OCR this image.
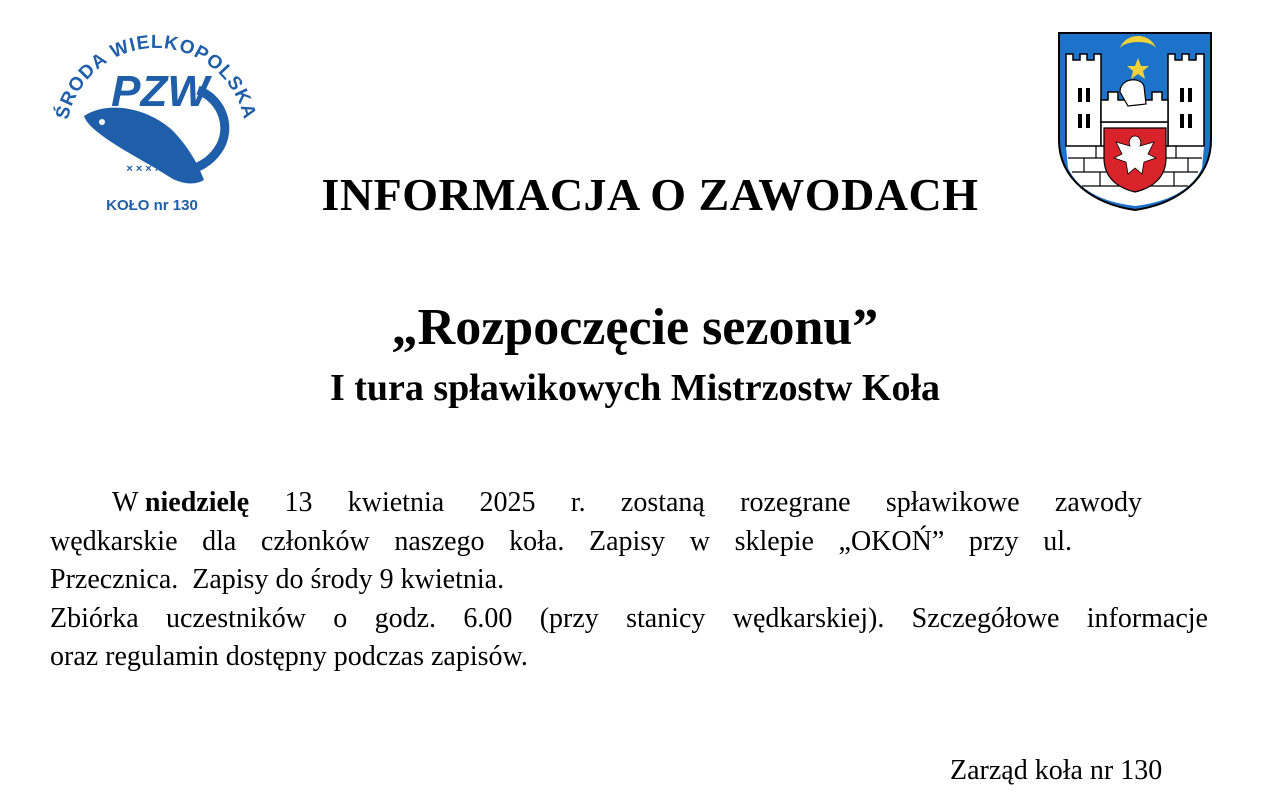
ŚRODA WIELKOPOLSKA
PZW
× × × × × × ×
KOŁO nr 130	INFORMACJA O ZAWODACH
„Rozpoczęcie sezonu”
I tura spławikowych Mistrzostw Koła
W niedzielę 13 kwietnia 2025 r. zostaną rozegrane spławikowe zawody
wędkarskie dla członków naszego koła. Zapisy w sklepie „OKOŃ” przy ul.
Przecznica.  Zapisy do środy 9 kwietnia.
Zbiórka uczestników o godz. 6.00 (przy stanicy wędkarskiej). Szczegółowe informacje
oraz regulamin dostępny podczas zapisów.
Zarząd koła nr 130
